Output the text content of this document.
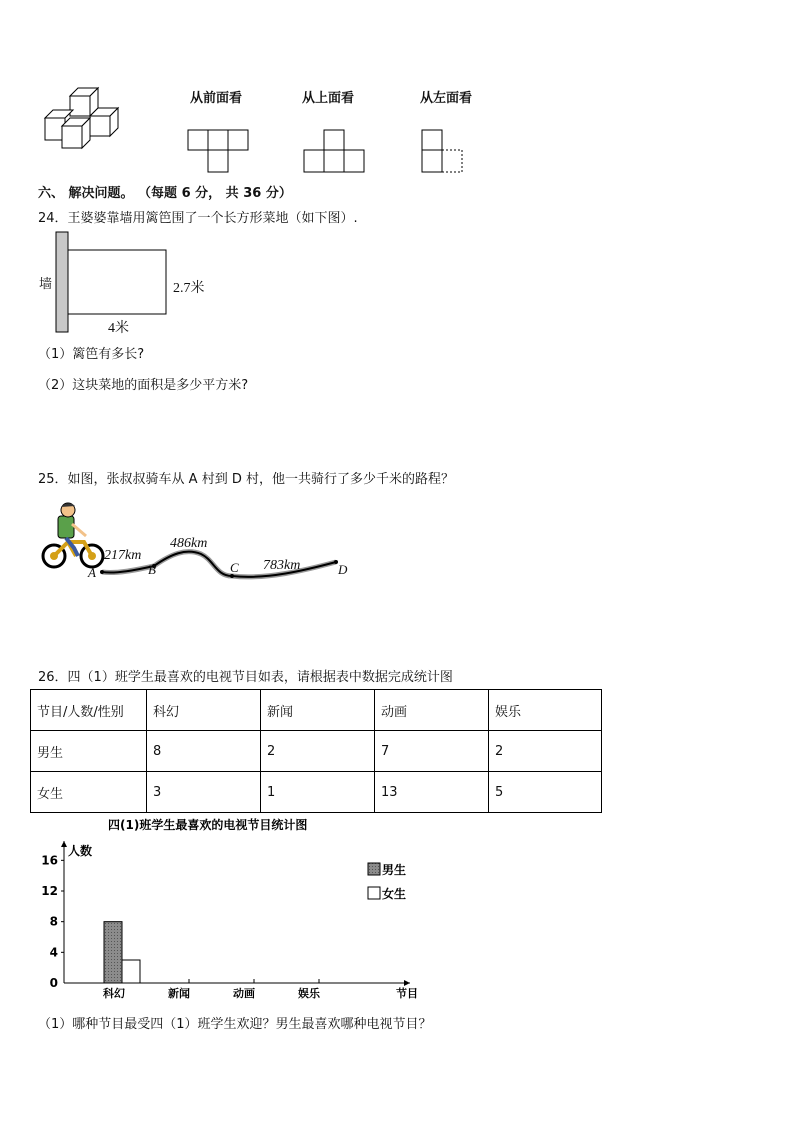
从前面看	从上面看	从左面看
六、 解决问题。 （每题 6 分， 共 36 分）
24．王婆婆靠墙用篱笆围了一个长方形菜地（如下图）.
墙	2.7米
4米
（1）篱笆有多长?
（2）这块菜地的面积是多少平方米?
25．如图，张叔叔骑车从 A 村到 D 村，他一共骑行了多少千米的路程？
217km
486km
783km
A	B	C	D
26．四（1）班学生最喜欢的电视节目如表，请根据表中数据完成统计图
节目/人数/性别	科幻	新闻	动画	娱乐
男生	8	2	7	2
女生	3	1	13	5
四(1)班学生最喜欢的电视节目统计图
人数
节目
0
4
8
12
16
科幻	新闻	动画	娱乐
男生
女生
（1）哪种节目最受四（1）班学生欢迎？男生最喜欢哪种电视节目？
